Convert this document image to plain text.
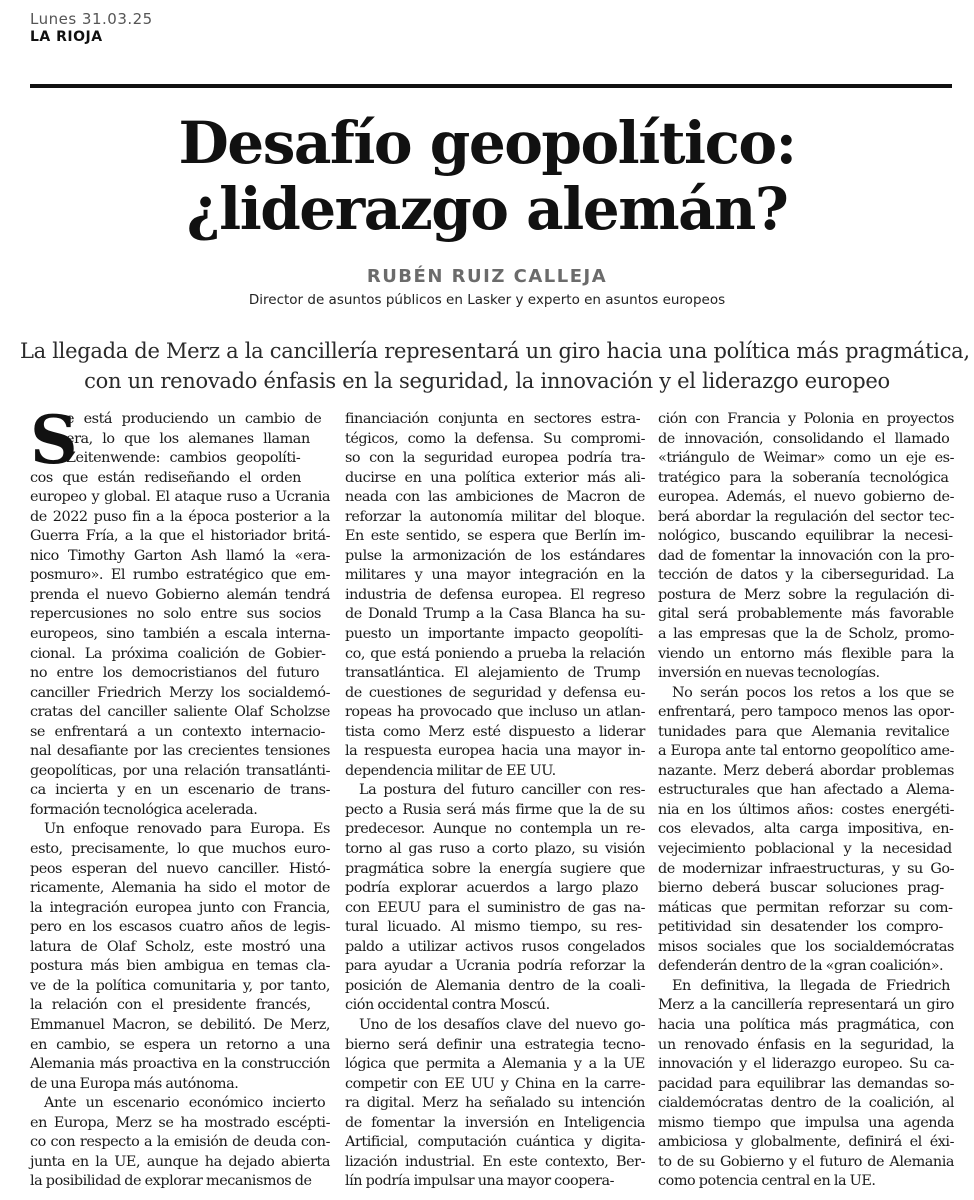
Lunes 31.03.25
LA RIOJA
Desafío geopolítico:
¿liderazgo alemán?
RUBÉN RUIZ CALLEJA
Director de asuntos públicos en Lasker y experto en asuntos europeos
La llegada de Merz a la cancillería representará un giro hacia una política más pragmática,
con un renovado énfasis en la seguridad, la innovación y el liderazgo europeo
S
e está produciendo un cambio de
era, lo que los alemanes llaman
Zeitenwende: cambios geopolíti-
cos que están rediseñando el orden
europeo y global. El ataque ruso a Ucrania
de 2022 puso fin a la época posterior a la
Guerra Fría, a la que el historiador britá-
nico Timothy Garton Ash llamó la «era-
posmuro». El rumbo estratégico que em-
prenda el nuevo Gobierno alemán tendrá
repercusiones no solo entre sus socios
europeos, sino también a escala interna-
cional. La próxima coalición de Gobier-
no entre los democristianos del futuro
canciller Friedrich Merzy los socialdemó-
cratas del canciller saliente Olaf Scholzse
se enfrentará a un contexto internacio-
nal desafiante por las crecientes tensiones
geopolíticas, por una relación transatlánti-
ca incierta y en un escenario de trans-
formación tecnológica acelerada.
Un enfoque renovado para Europa. Es
esto, precisamente, lo que muchos euro-
peos esperan del nuevo canciller. Histó-
ricamente, Alemania ha sido el motor de
la integración europea junto con Francia,
pero en los escasos cuatro años de legis-
latura de Olaf Scholz, este mostró una
postura más bien ambigua en temas cla-
ve de la política comunitaria y, por tanto,
la relación con el presidente francés,
Emmanuel Macron, se debilitó. De Merz,
en cambio, se espera un retorno a una
Alemania más proactiva en la construcción
de una Europa más autónoma.
Ante un escenario económico incierto
en Europa, Merz se ha mostrado escépti-
co con respecto a la emisión de deuda con-
junta en la UE, aunque ha dejado abierta
la posibilidad de explorar mecanismos de
financiación conjunta en sectores estra-
tégicos, como la defensa. Su compromi-
so con la seguridad europea podría tra-
ducirse en una política exterior más ali-
neada con las ambiciones de Macron de
reforzar la autonomía militar del bloque.
En este sentido, se espera que Berlín im-
pulse la armonización de los estándares
militares y una mayor integración en la
industria de defensa europea. El regreso
de Donald Trump a la Casa Blanca ha su-
puesto un importante impacto geopolíti-
co, que está poniendo a prueba la relación
transatlántica. El alejamiento de Trump
de cuestiones de seguridad y defensa eu-
ropeas ha provocado que incluso un atlan-
tista como Merz esté dispuesto a liderar
la respuesta europea hacia una mayor in-
dependencia militar de EE UU.
La postura del futuro canciller con res-
pecto a Rusia será más firme que la de su
predecesor. Aunque no contempla un re-
torno al gas ruso a corto plazo, su visión
pragmática sobre la energía sugiere que
podría explorar acuerdos a largo plazo
con EEUU para el suministro de gas na-
tural licuado. Al mismo tiempo, su res-
paldo a utilizar activos rusos congelados
para ayudar a Ucrania podría reforzar la
posición de Alemania dentro de la coali-
ción occidental contra Moscú.
Uno de los desafíos clave del nuevo go-
bierno será definir una estrategia tecno-
lógica que permita a Alemania y a la UE
competir con EE UU y China en la carre-
ra digital. Merz ha señalado su intención
de fomentar la inversión en Inteligencia
Artificial, computación cuántica y digita-
lización industrial. En este contexto, Ber-
lín podría impulsar una mayor coopera-
ción con Francia y Polonia en proyectos
de innovación, consolidando el llamado
«triángulo de Weimar» como un eje es-
tratégico para la soberanía tecnológica
europea. Además, el nuevo gobierno de-
berá abordar la regulación del sector tec-
nológico, buscando equilibrar la necesi-
dad de fomentar la innovación con la pro-
tección de datos y la ciberseguridad. La
postura de Merz sobre la regulación di-
gital será probablemente más favorable
a las empresas que la de Scholz, promo-
viendo un entorno más flexible para la
inversión en nuevas tecnologías.
No serán pocos los retos a los que se
enfrentará, pero tampoco menos las opor-
tunidades para que Alemania revitalice
a Europa ante tal entorno geopolítico ame-
nazante. Merz deberá abordar problemas
estructurales que han afectado a Alema-
nia en los últimos años: costes energéti-
cos elevados, alta carga impositiva, en-
vejecimiento poblacional y la necesidad
de modernizar infraestructuras, y su Go-
bierno deberá buscar soluciones prag-
máticas que permitan reforzar su com-
petitividad sin desatender los compro-
misos sociales que los socialdemócratas
defenderán dentro de la «gran coalición».
En definitiva, la llegada de Friedrich
Merz a la cancillería representará un giro
hacia una política más pragmática, con
un renovado énfasis en la seguridad, la
innovación y el liderazgo europeo. Su ca-
pacidad para equilibrar las demandas so-
cialdemócratas dentro de la coalición, al
mismo tiempo que impulsa una agenda
ambiciosa y globalmente, definirá el éxi-
to de su Gobierno y el futuro de Alemania
como potencia central en la UE.
